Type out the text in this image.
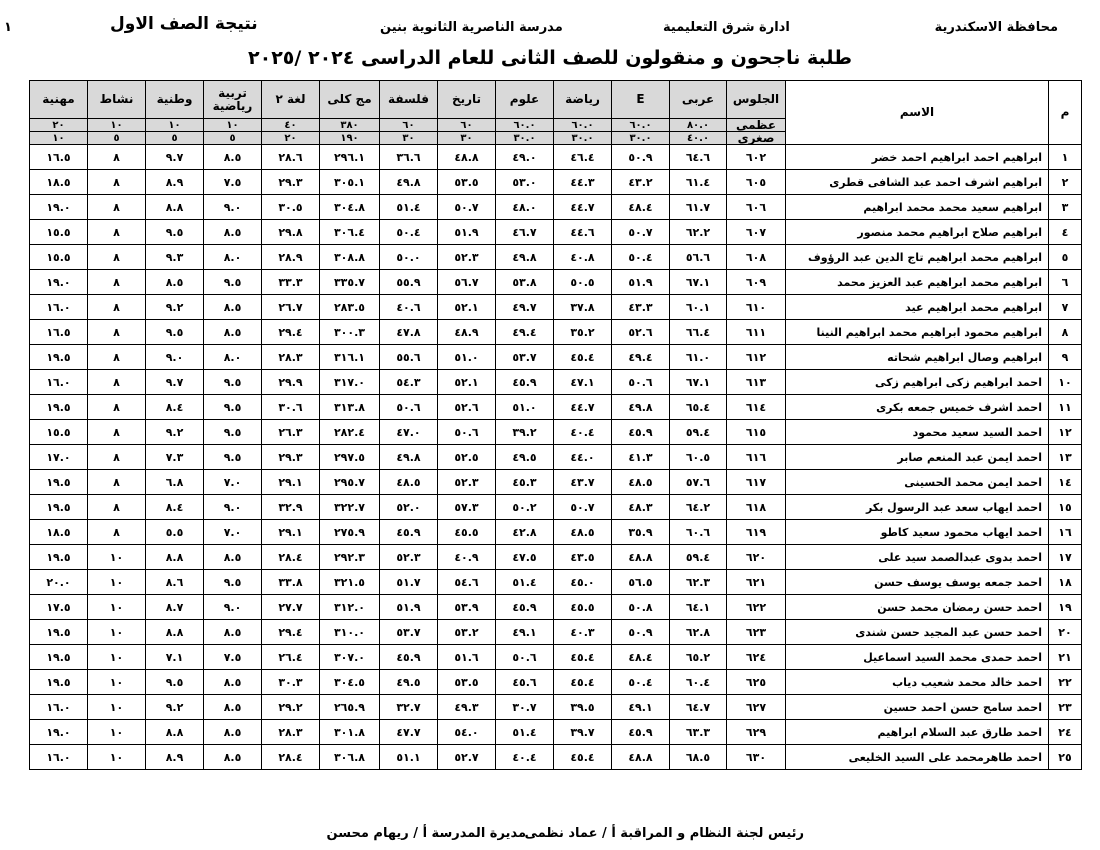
محافظة الاسكندرية
ادارة شرق التعليمية
مدرسة الناصرية الثانوية بنين
نتيجة الصف الاول
١
طلبة ناجحون و منقولون للصف الثانى للعام الدراسى ٢٠٢٤ /٢٠٢٥
م	الاسم	الجلوس	عربى	E	رياضة	علوم	تاريخ	فلسفة	مج كلى	لغة ٢	تربية رياضية	وطنية	نشاط	مهنية
		عظمى	٨٠.٠	٦٠.٠	٦٠.٠	٦٠.٠	٦٠	٦٠	٣٨٠	٤٠	١٠	١٠	١٠	٢٠
		صغرى	٤٠.٠	٣٠.٠	٣٠.٠	٣٠.٠	٣٠	٣٠	١٩٠	٢٠	٥	٥	٥	١٠
١	ابراهيم احمد ابراهيم احمد خضر	٦٠٢	٦٤.٦	٥٠.٩	٤٦.٤	٤٩.٠	٤٨.٨	٣٦.٦	٢٩٦.١	٢٨.٦	٨.٥	٩.٧	٨	١٦.٥
٢	ابراهيم اشرف احمد عبد الشافى قطرى	٦٠٥	٦١.٤	٤٣.٢	٤٤.٣	٥٣.٠	٥٣.٥	٤٩.٨	٣٠٥.١	٢٩.٣	٧.٥	٨.٩	٨	١٨.٥
٣	ابراهيم سعيد محمد محمد ابراهيم	٦٠٦	٦١.٧	٤٨.٤	٤٤.٧	٤٨.٠	٥٠.٧	٥١.٤	٣٠٤.٨	٣٠.٥	٩.٠	٨.٨	٨	١٩.٠
٤	ابراهيم صلاح ابراهيم محمد منصور	٦٠٧	٦٢.٢	٥٠.٧	٤٤.٦	٤٦.٧	٥١.٩	٥٠.٤	٣٠٦.٤	٢٩.٨	٨.٥	٩.٥	٨	١٥.٥
٥	ابراهيم محمد ابراهيم تاج الدين عبد الرؤوف	٦٠٨	٥٦.٦	٥٠.٤	٤٠.٨	٤٩.٨	٥٢.٣	٥٠.٠	٣٠٨.٨	٢٨.٩	٨.٠	٩.٣	٨	١٥.٥
٦	ابراهيم محمد ابراهيم عبد العزيز محمد	٦٠٩	٦٧.١	٥١.٩	٥٠.٥	٥٣.٨	٥٦.٧	٥٥.٩	٣٣٥.٧	٣٣.٣	٩.٥	٨.٥	٨	١٩.٠
٧	ابراهيم محمد ابراهيم عيد	٦١٠	٦٠.١	٤٣.٣	٣٧.٨	٤٩.٧	٥٢.١	٤٠.٦	٢٨٣.٥	٢٦.٧	٨.٥	٩.٢	٨	١٦.٠
٨	ابراهيم محمود ابراهيم محمد ابراهيم النينا	٦١١	٦٦.٤	٥٢.٦	٣٥.٢	٤٩.٤	٤٨.٩	٤٧.٨	٣٠٠.٣	٢٩.٤	٨.٥	٩.٥	٨	١٦.٥
٩	ابراهيم وصال ابراهيم شحاته	٦١٢	٦١.٠	٤٩.٤	٤٥.٤	٥٣.٧	٥١.٠	٥٥.٦	٣١٦.١	٢٨.٣	٨.٠	٩.٠	٨	١٩.٥
١٠	احمد ابراهيم زكى ابراهيم زكى	٦١٣	٦٧.١	٥٠.٦	٤٧.١	٤٥.٩	٥٢.١	٥٤.٣	٣١٧.٠	٢٩.٩	٩.٥	٩.٧	٨	١٦.٠
١١	احمد اشرف خميس جمعه بكرى	٦١٤	٦٥.٤	٤٩.٨	٤٤.٧	٥١.٠	٥٢.٦	٥٠.٦	٣١٣.٨	٣٠.٦	٩.٥	٨.٤	٨	١٩.٥
١٢	احمد السيد سعيد محمود	٦١٥	٥٩.٤	٤٥.٩	٤٠.٤	٣٩.٢	٥٠.٦	٤٧.٠	٢٨٢.٤	٢٦.٣	٩.٥	٩.٢	٨	١٥.٥
١٣	احمد ايمن عبد المنعم صابر	٦١٦	٦٠.٥	٤١.٣	٤٤.٠	٤٩.٥	٥٢.٥	٤٩.٨	٢٩٧.٥	٢٩.٣	٩.٥	٧.٣	٨	١٧.٠
١٤	احمد ايمن محمد الحسينى	٦١٧	٥٧.٦	٤٨.٥	٤٣.٧	٤٥.٣	٥٢.٣	٤٨.٥	٢٩٥.٧	٢٩.١	٧.٠	٦.٨	٨	١٩.٥
١٥	احمد ايهاب سعد عبد الرسول بكر	٦١٨	٦٤.٢	٤٨.٣	٥٠.٧	٥٠.٢	٥٧.٣	٥٢.٠	٣٢٢.٧	٣٢.٩	٩.٠	٨.٤	٨	١٩.٥
١٦	احمد ايهاب محمود سعيد كاطو	٦١٩	٦٠.٦	٣٥.٩	٤٨.٥	٤٢.٨	٤٥.٥	٤٥.٩	٢٧٥.٩	٢٩.١	٧.٠	٥.٥	٨	١٨.٥
١٧	احمد بدوى عبدالصمد سيد على	٦٢٠	٥٩.٤	٤٨.٨	٤٣.٥	٤٧.٥	٤٠.٩	٥٢.٣	٢٩٢.٣	٢٨.٤	٨.٥	٨.٨	١٠	١٩.٥
١٨	احمد جمعه يوسف يوسف حسن	٦٢١	٦٢.٣	٥٦.٥	٤٥.٠	٥١.٤	٥٤.٦	٥١.٧	٣٢١.٥	٣٣.٨	٩.٥	٨.٦	١٠	٢٠.٠
١٩	احمد حسن رمضان محمد حسن	٦٢٢	٦٤.١	٥٠.٨	٤٥.٥	٤٥.٩	٥٣.٩	٥١.٩	٣١٢.٠	٢٧.٧	٩.٠	٨.٧	١٠	١٧.٥
٢٠	احمد حسن عبد المجيد حسن شندى	٦٢٣	٦٢.٨	٥٠.٩	٤٠.٣	٤٩.١	٥٣.٢	٥٣.٧	٣١٠.٠	٢٩.٤	٨.٥	٨.٨	١٠	١٩.٥
٢١	احمد حمدى محمد السيد اسماعيل	٦٢٤	٦٥.٢	٤٨.٤	٤٥.٤	٥٠.٦	٥١.٦	٤٥.٩	٣٠٧.٠	٢٦.٤	٧.٥	٧.١	١٠	١٩.٥
٢٢	احمد خالد محمد شعيب دياب	٦٢٥	٦٠.٤	٥٠.٤	٤٥.٤	٤٥.٦	٥٣.٥	٤٩.٥	٣٠٤.٥	٣٠.٣	٨.٥	٩.٥	١٠	١٩.٥
٢٣	احمد سامح حسن احمد حسين	٦٢٧	٦٤.٧	٤٩.١	٣٩.٥	٣٠.٧	٤٩.٣	٣٢.٧	٢٦٥.٩	٢٩.٢	٨.٥	٩.٢	١٠	١٦.٠
٢٤	احمد طارق عبد السلام ابراهيم	٦٢٩	٦٣.٣	٤٥.٩	٣٩.٧	٥١.٤	٥٤.٠	٤٧.٧	٣٠١.٨	٢٨.٣	٨.٥	٨.٨	١٠	١٩.٠
٢٥	احمد طاهرمحمد على السيد الخليعى	٦٣٠	٦٨.٥	٤٨.٨	٤٥.٤	٤٠.٤	٥٢.٧	٥١.١	٣٠٦.٨	٢٨.٤	٨.٥	٨.٩	١٠	١٦.٠
رئيس لجنة النظام و المراقبة أ / عماد نظمى
مديرة المدرسة أ / ريهام محسن
